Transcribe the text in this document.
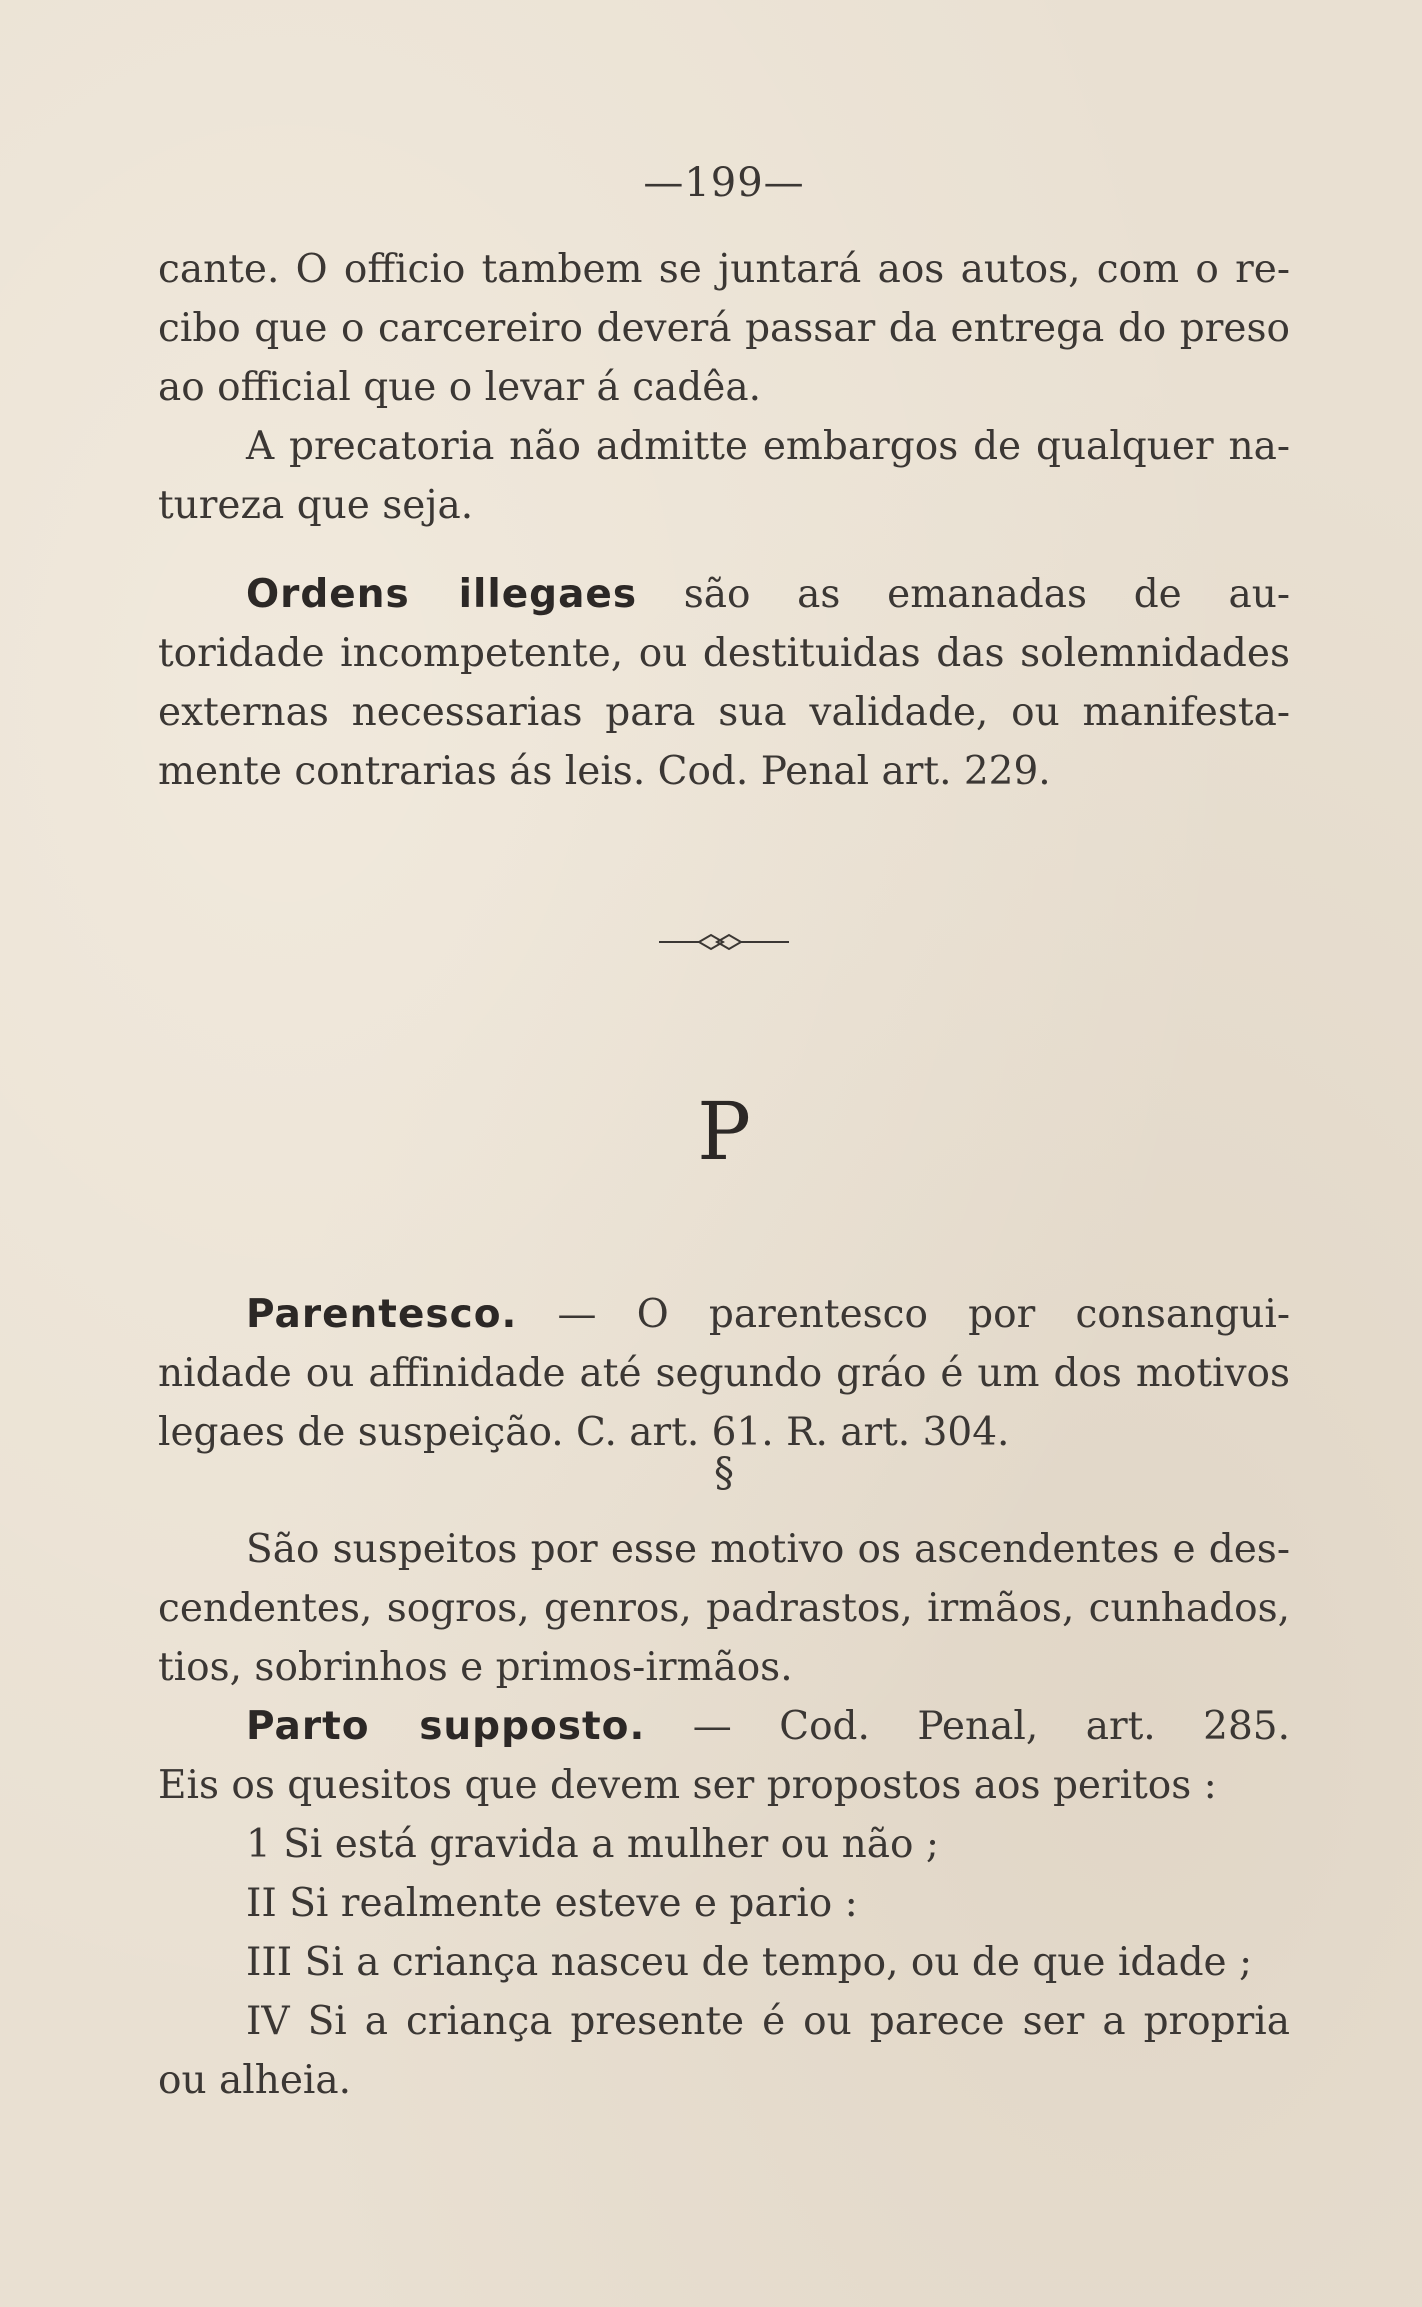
—199—
cante. O officio tambem se juntará aos autos, com o re-
cibo que o carcereiro deverá passar da entrega do preso
ao official que o levar á cadêa.
A precatoria não admitte embargos de qualquer na-
tureza que seja.
Ordens illegaes são as emanadas de au-
toridade incompetente, ou destituidas das solemnidades
externas necessarias para sua validade, ou manifesta-
mente contrarias ás leis. Cod. Penal art. 229.
P
Parentesco. — O parentesco por consangui-
nidade ou affinidade até segundo gráo é um dos motivos
legaes de suspeição. C. art. 61. R. art. 304.
§
São suspeitos por esse motivo os ascendentes e des-
cendentes, sogros, genros, padrastos, irmãos, cunhados,
tios, sobrinhos e primos-irmãos.
Parto supposto. — Cod. Penal, art. 285.
Eis os quesitos que devem ser propostos aos peritos :
1 Si está gravida a mulher ou não ;
II Si realmente esteve e pario :
III Si a criança nasceu de tempo, ou de que idade ;
IV Si a criança presente é ou parece ser a propria
ou alheia.
